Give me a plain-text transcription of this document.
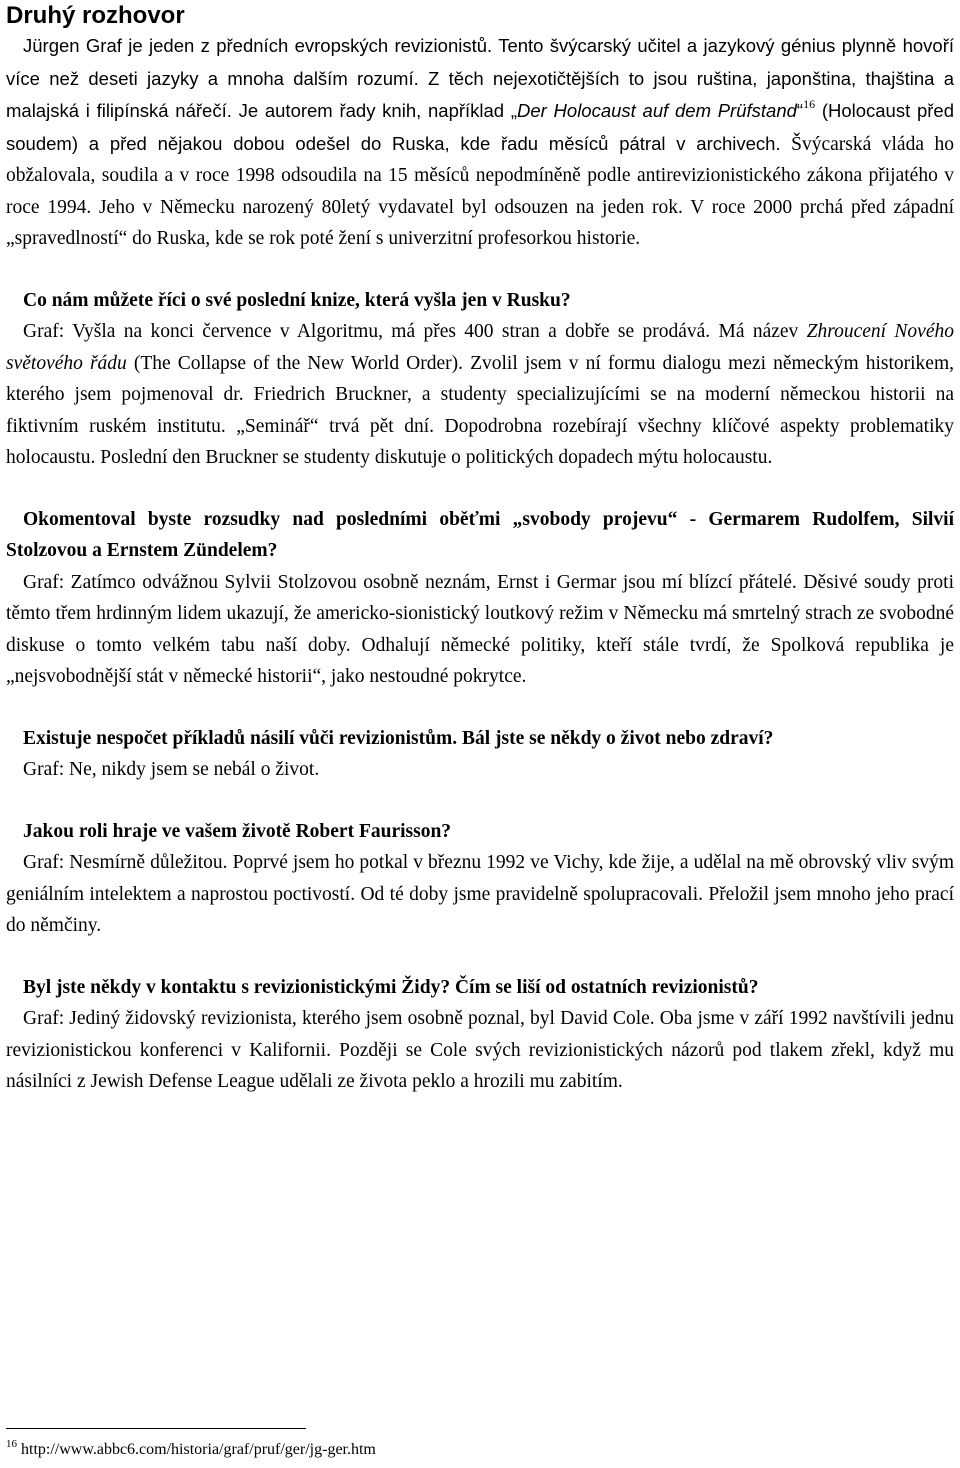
Druhý rozhovor

Jürgen Graf je jeden z předních evropských revizionistů. Tento švýcarský učitel a jazykový génius plynně hovoří více než deseti jazyky a mnoha dalším rozumí. Z těch nejexotičtějších to jsou ruština, japonština, thajština a malajská i filipínská nářečí. Je autorem řady knih, například „Der Holocaust auf dem Prüfstand“$^{16}$ (Holocaust před soudem) a před nějakou dobou odešel do Ruska, kde řadu měsíců pátral v archivech. Švýcarská vláda ho obžalovala, soudila a v roce 1998 odsoudila na 15 měsíců nepodmíněně podle antirevizionistického zákona přijatého v roce 1994. Jeho v Německu narozený 80letý vydavatel byl odsouzen na jeden rok. V roce 2000 prchá před západní „spravedlností“ do Ruska, kde se rok poté žení s univerzitní profesorkou historie.

Co nám můžete říci o své poslední knize, která vyšla jen v Rusku?

Graf: Vyšla na konci července v Algoritmu, má přes 400 stran a dobře se prodává. Má název Zhroucení Nového světového řádu (The Collapse of the New World Order). Zvolil jsem v ní formu dialogu mezi německým historikem, kterého jsem pojmenoval dr. Friedrich Bruckner, a studenty specializujícími se na moderní německou historii na fiktivním ruském institutu. „Seminář“ trvá pět dní. Dopodrobna rozebírají všechny klíčové aspekty problematiky holocaustu. Poslední den Bruckner se studenty diskutuje o politických dopadech mýtu holocaustu.

Okomentoval byste rozsudky nad posledními oběťmi „svobody projevu“ - Germarem Rudolfem, Silvií Stolzovou a Ernstem Zündelem?

Graf: Zatímco odvážnou Sylvii Stolzovou osobně neznám, Ernst i Germar jsou mí blízcí přátelé. Děsivé soudy proti těmto třem hrdinným lidem ukazují, že americko-sionistický loutkový režim v Německu má smrtelný strach ze svobodné diskuse o tomto velkém tabu naší doby. Odhalují německé politiky, kteří stále tvrdí, že Spolková republika je „nejsvobodnější stát v německé historii“, jako nestoudné pokrytce.

Existuje nespočet příkladů násilí vůči revizionistům. Bál jste se někdy o život nebo zdraví?

Graf: Ne, nikdy jsem se nebál o život.

Jakou roli hraje ve vašem životě Robert Faurisson?

Graf: Nesmírně důležitou. Poprvé jsem ho potkal v březnu 1992 ve Vichy, kde žije, a udělal na mě obrovský vliv svým geniálním intelektem a naprostou poctivostí. Od té doby jsme pravidelně spolupracovali. Přeložil jsem mnoho jeho prací do němčiny.

Byl jste někdy v kontaktu s revizionistickými Židy? Čím se liší od ostatních revizionistů?

Graf: Jediný židovský revizionista, kterého jsem osobně poznal, byl David Cole. Oba jsme v září 1992 navštívili jednu revizionistickou konferenci v Kalifornii. Později se Cole svých revizionistických názorů pod tlakem zřekl, když mu násilníci z Jewish Defense League udělali ze života peklo a hrozili mu zabitím.

$^{16}$ http://www.abbc6.com/historia/graf/pruf/ger/jg-ger.htm
